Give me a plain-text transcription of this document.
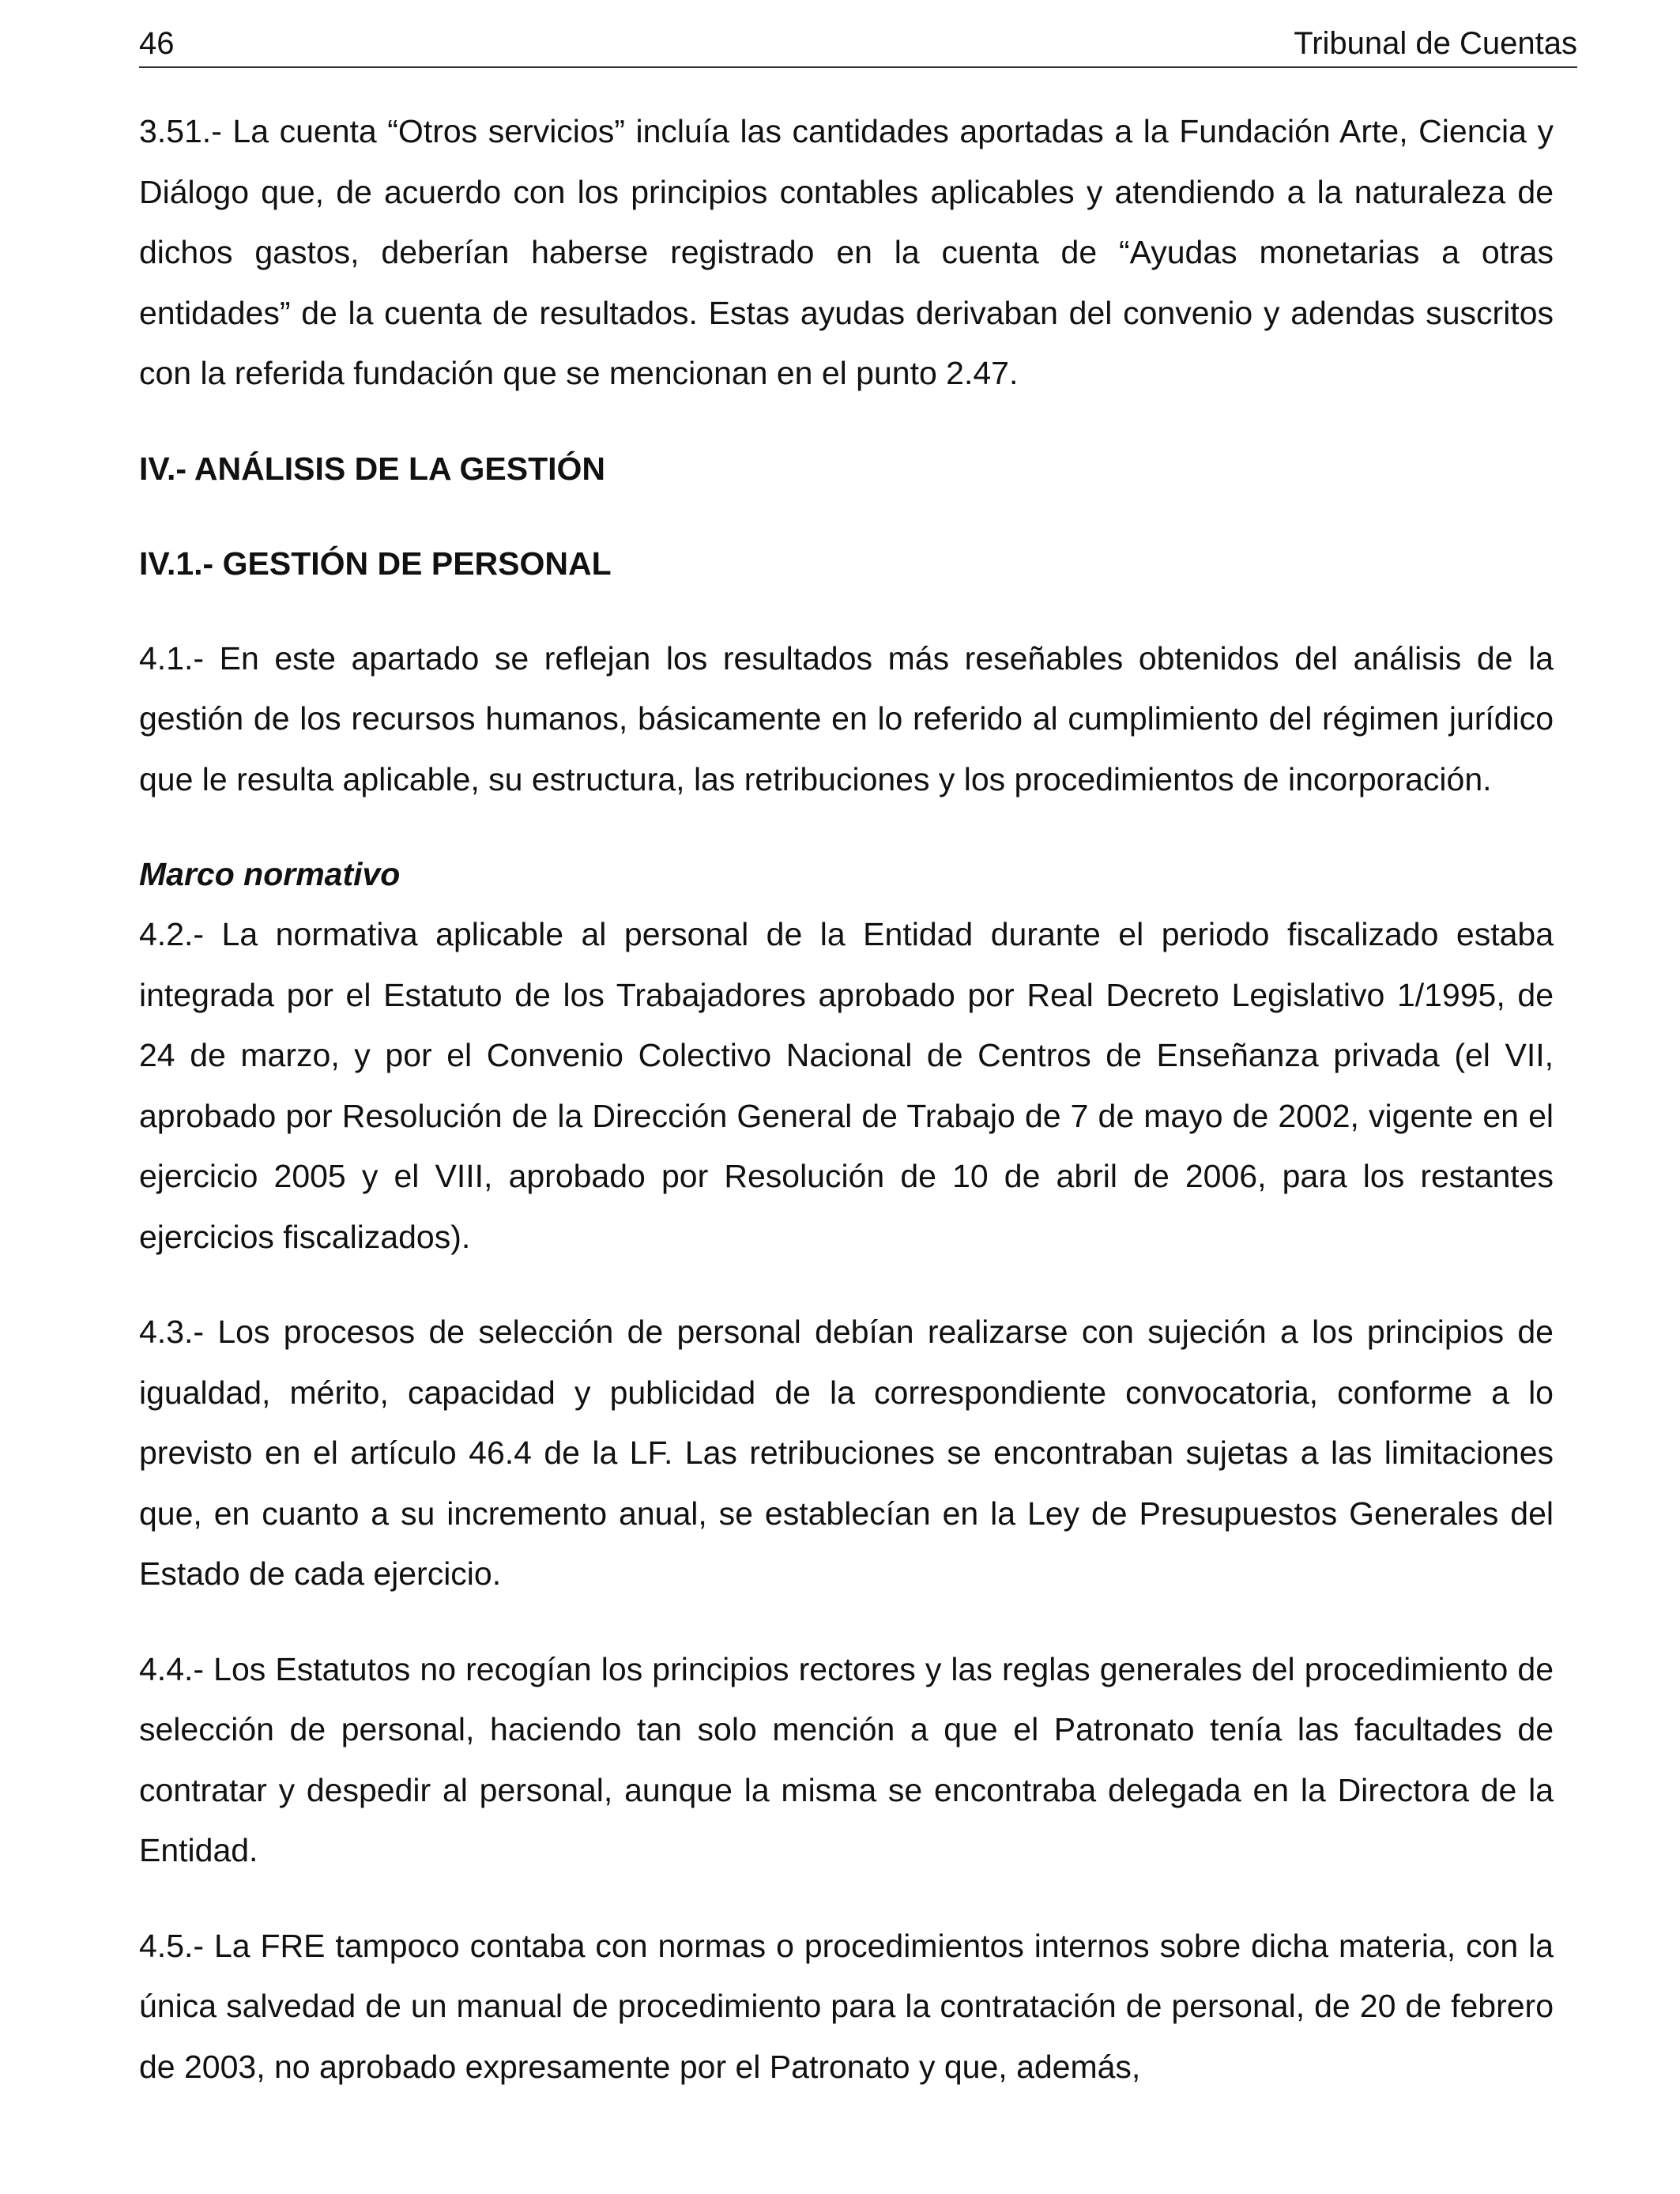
46	Tribunal de Cuentas

3.51.- La cuenta “Otros servicios” incluía las cantidades aportadas a la Fundación Arte, Ciencia y Diálogo que, de acuerdo con los principios contables aplicables y atendiendo a la naturaleza de dichos gastos, deberían haberse registrado en la cuenta de “Ayudas monetarias a otras entidades” de la cuenta de resultados. Estas ayudas derivaban del convenio y adendas suscritos con la referida fundación que se mencionan en el punto 2.47.

IV.- ANÁLISIS DE LA GESTIÓN
IV.1.- GESTIÓN DE PERSONAL

4.1.- En este apartado se reflejan los resultados más reseñables obtenidos del análisis de la gestión de los recursos humanos, básicamente en lo referido al cumplimiento del régimen jurídico que le resulta aplicable, su estructura, las retribuciones y los procedimientos de incorporación.

Marco normativo

4.2.- La normativa aplicable al personal de la Entidad durante el periodo fiscalizado estaba integrada por el Estatuto de los Trabajadores aprobado por Real Decreto Legislativo 1/1995, de 24 de marzo, y por el Convenio Colectivo Nacional de Centros de Enseñanza privada (el VII, aprobado por Resolución de la Dirección General de Trabajo de 7 de mayo de 2002, vigente en el ejercicio 2005 y el VIII, aprobado por Resolución de 10 de abril de 2006, para los restantes ejercicios fiscalizados).

4.3.- Los procesos de selección de personal debían realizarse con sujeción a los principios de igualdad, mérito, capacidad y publicidad de la correspondiente convocatoria, conforme a lo previsto en el artículo 46.4 de la LF. Las retribuciones se encontraban sujetas a las limitaciones que, en cuanto a su incremento anual, se establecían en la Ley de Presupuestos Generales del Estado de cada ejercicio.

4.4.- Los Estatutos no recogían los principios rectores y las reglas generales del procedimiento de selección de personal, haciendo tan solo mención a que el Patronato tenía las facultades de contratar y despedir al personal, aunque la misma se encontraba delegada en la Directora de la Entidad.

4.5.- La FRE tampoco contaba con normas o procedimientos internos sobre dicha materia, con la única salvedad de un manual de procedimiento para la contratación de personal, de 20 de febrero de 2003, no aprobado expresamente por el Patronato y que, además,
